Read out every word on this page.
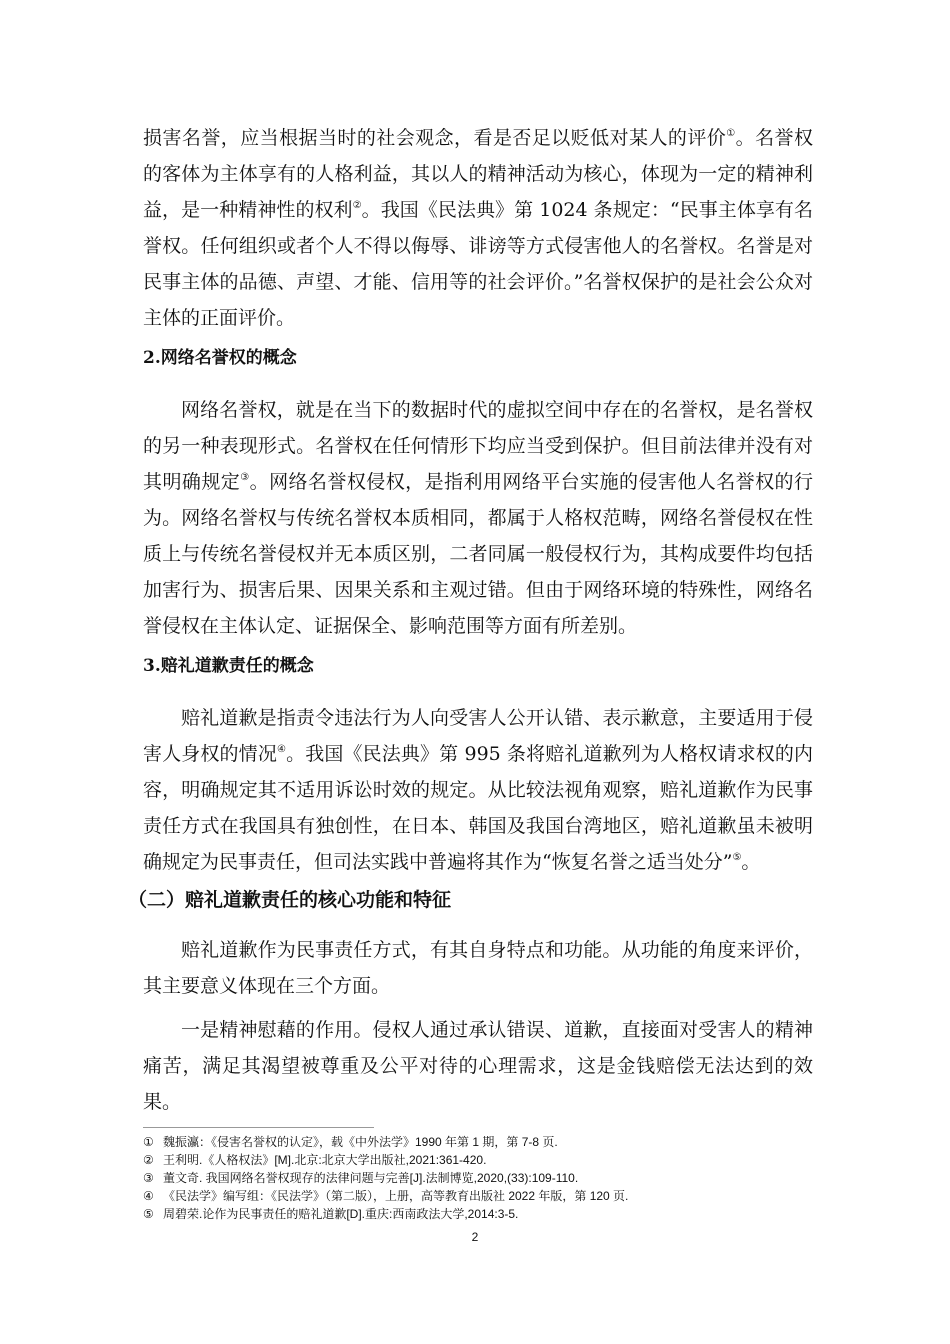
损害名誉，应当根据当时的社会观念，看是否足以贬低对某人的评价①。名誉权的客体为主体享有的人格利益，其以人的精神活动为核心，体现为一定的精神利益，是一种精神性的权利②。我国《民法典》第 1024 条规定：“民事主体享有名誉权。任何组织或者个人不得以侮辱、诽谤等方式侵害他人的名誉权。名誉是对民事主体的品德、声望、才能、信用等的社会评价。”名誉权保护的是社会公众对主体的正面评价。

2.网络名誉权的概念

网络名誉权，就是在当下的数据时代的虚拟空间中存在的名誉权，是名誉权的另一种表现形式。名誉权在任何情形下均应当受到保护。但目前法律并没有对其明确规定③。网络名誉权侵权，是指利用网络平台实施的侵害他人名誉权的行为。网络名誉权与传统名誉权本质相同，都属于人格权范畴，网络名誉侵权在性质上与传统名誉侵权并无本质区别，二者同属一般侵权行为，其构成要件均包括加害行为、损害后果、因果关系和主观过错。但由于网络环境的特殊性，网络名誉侵权在主体认定、证据保全、影响范围等方面有所差别。

3.赔礼道歉责任的概念

赔礼道歉是指责令违法行为人向受害人公开认错、表示歉意，主要适用于侵害人身权的情况④。我国《民法典》第 995 条将赔礼道歉列为人格权请求权的内容，明确规定其不适用诉讼时效的规定。从比较法视角观察，赔礼道歉作为民事责任方式在我国具有独创性，在日本、韩国及我国台湾地区，赔礼道歉虽未被明确规定为民事责任，但司法实践中普遍将其作为“恢复名誉之适当处分”⑤。

（二）赔礼道歉责任的核心功能和特征

赔礼道歉作为民事责任方式，有其自身特点和功能。从功能的角度来评价，其主要意义体现在三个方面。

一是精神慰藉的作用。侵权人通过承认错误、道歉，直接面对受害人的精神痛苦，满足其渴望被尊重及公平对待的心理需求，这是金钱赔偿无法达到的效果。

① 魏振瀛：《侵害名誉权的认定》，载《中外法学》1990 年第 1 期，第 7-8 页.
② 王利明.《人格权法》[M].北京:北京大学出版社,2021:361-420.
③ 董文奇. 我国网络名誉权现存的法律问题与完善[J].法制博览,2020,(33):109-110.
④ 《民法学》编写组：《民法学》（第二版），上册，高等教育出版社 2022 年版，第 120 页.
⑤ 周碧荣.论作为民事责任的赔礼道歉[D].重庆:西南政法大学,2014:3-5.
2
